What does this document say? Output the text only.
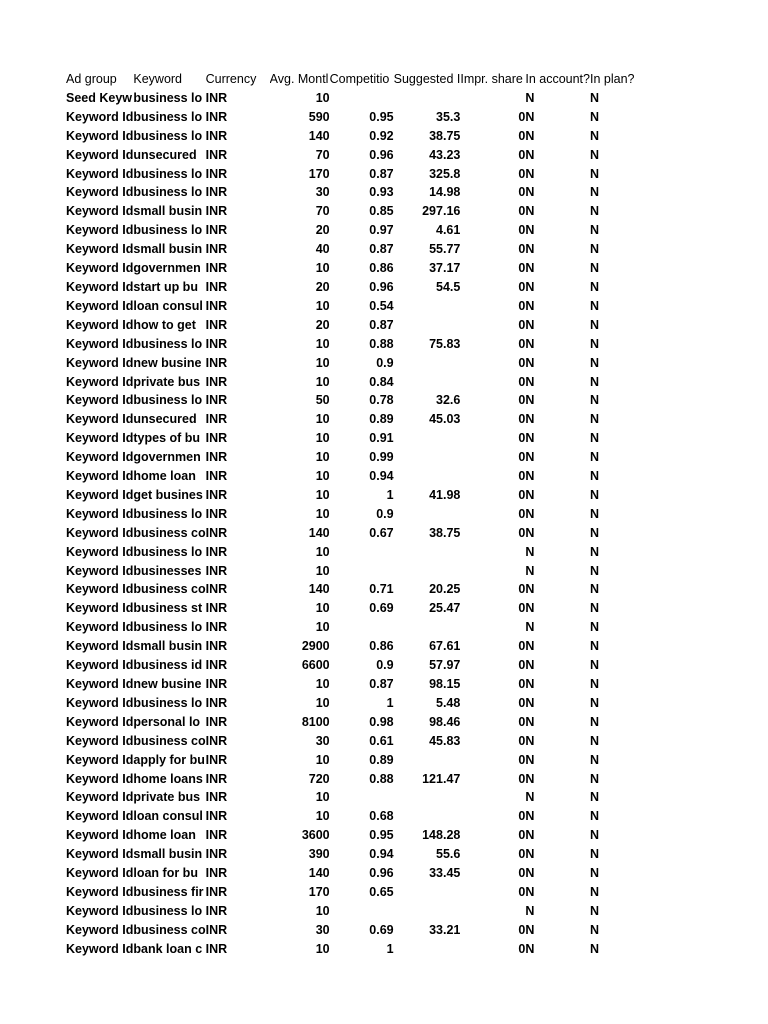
Ad group	Keyword	Currency	Avg. Montl	Competitio	Suggested I	Impr. share	In account?	In plan?
Seed Keyw	business lo	INR	10				N	N
Keyword Id	business lo	INR	590	0.95	35.3	0	N	N
Keyword Id	business lo	INR	140	0.92	38.75	0	N	N
Keyword Id	unsecured	INR	70	0.96	43.23	0	N	N
Keyword Id	business lo	INR	170	0.87	325.8	0	N	N
Keyword Id	business lo	INR	30	0.93	14.98	0	N	N
Keyword Id	small busin	INR	70	0.85	297.16	0	N	N
Keyword Id	business lo	INR	20	0.97	4.61	0	N	N
Keyword Id	small busin	INR	40	0.87	55.77	0	N	N
Keyword Id	governmen	INR	10	0.86	37.17	0	N	N
Keyword Id	start up bu	INR	20	0.96	54.5	0	N	N
Keyword Id	loan consul	INR	10	0.54		0	N	N
Keyword Id	how to get	INR	20	0.87		0	N	N
Keyword Id	business lo	INR	10	0.88	75.83	0	N	N
Keyword Id	new busine	INR	10	0.9		0	N	N
Keyword Id	private bus	INR	10	0.84		0	N	N
Keyword Id	business lo	INR	50	0.78	32.6	0	N	N
Keyword Id	unsecured	INR	10	0.89	45.03	0	N	N
Keyword Id	types of bu	INR	10	0.91		0	N	N
Keyword Id	governmen	INR	10	0.99		0	N	N
Keyword Id	home loan	INR	10	0.94		0	N	N
Keyword Id	get busines	INR	10	1	41.98	0	N	N
Keyword Id	business lo	INR	10	0.9		0	N	N
Keyword Id	business co	INR	140	0.67	38.75	0	N	N
Keyword Id	business lo	INR	10				N	N
Keyword Id	businesses	INR	10				N	N
Keyword Id	business co	INR	140	0.71	20.25	0	N	N
Keyword Id	business st	INR	10	0.69	25.47	0	N	N
Keyword Id	business lo	INR	10				N	N
Keyword Id	small busin	INR	2900	0.86	67.61	0	N	N
Keyword Id	business id	INR	6600	0.9	57.97	0	N	N
Keyword Id	new busine	INR	10	0.87	98.15	0	N	N
Keyword Id	business lo	INR	10	1	5.48	0	N	N
Keyword Id	personal lo	INR	8100	0.98	98.46	0	N	N
Keyword Id	business co	INR	30	0.61	45.83	0	N	N
Keyword Id	apply for bu	INR	10	0.89		0	N	N
Keyword Id	home loans	INR	720	0.88	121.47	0	N	N
Keyword Id	private bus	INR	10				N	N
Keyword Id	loan consul	INR	10	0.68		0	N	N
Keyword Id	home loan	INR	3600	0.95	148.28	0	N	N
Keyword Id	small busin	INR	390	0.94	55.6	0	N	N
Keyword Id	loan for bu	INR	140	0.96	33.45	0	N	N
Keyword Id	business fir	INR	170	0.65		0	N	N
Keyword Id	business lo	INR	10				N	N
Keyword Id	business co	INR	30	0.69	33.21	0	N	N
Keyword Id	bank loan c	INR	10	1		0	N	N
